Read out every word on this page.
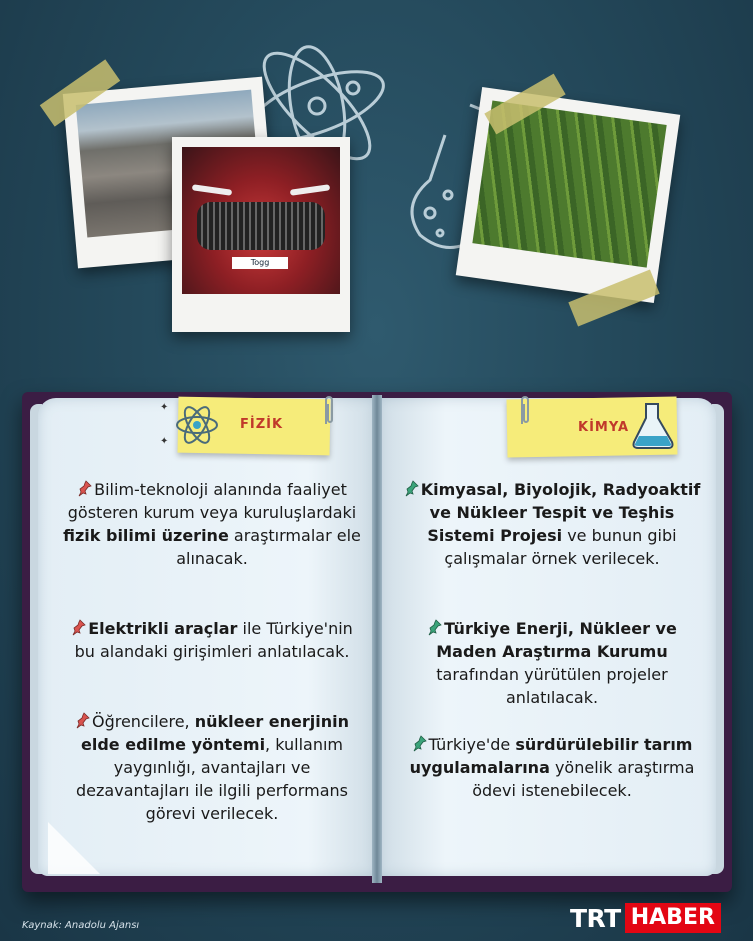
Togg
FİZİK
✦
✦
KİMYA
Bilim-teknoloji alanında faaliyet gösteren kurum veya kuruluşlardaki fizik bilimi üzerine araştırmalar ele alınacak.
Elektrikli araçlar ile Türkiye'nin bu alandaki girişimleri anlatılacak.
Öğrencilere, nükleer enerjinin elde edilme yöntemi, kullanım yaygınlığı, avantajları ve dezavantajları ile ilgili performans görevi verilecek.
Kimyasal, Biyolojik, Radyoaktif ve Nükleer Tespit ve Teşhis Sistemi Projesi ve bunun gibi çalışmalar örnek verilecek.
Türkiye Enerji, Nükleer ve Maden Araştırma Kurumu tarafından yürütülen projeler anlatılacak.
Türkiye'de sürdürülebilir tarım uygulamalarına yönelik araştırma ödevi istenebilecek.
Kaynak: Anadolu Ajansı	TRT HABER
